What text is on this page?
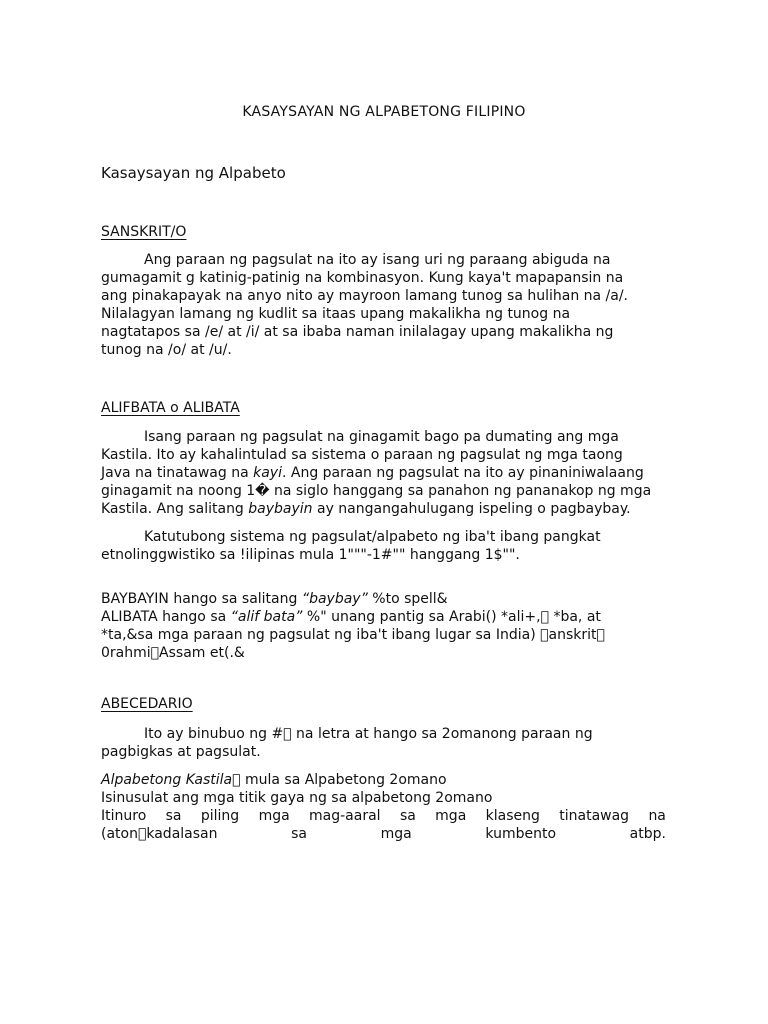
KASAYSAYAN NG ALPABETONG FILIPINO
Kasaysayan ng Alpabeto
SANSKRIT/O
Ang paraan ng pagsulat na ito ay isang uri ng paraang abiguda na
gumagamit g katinig-patinig na kombinasyon. Kung kaya't mapapansin na
ang pinakapayak na anyo nito ay mayroon lamang tunog sa hulihan na /a/.
Nilalagyan lamang ng kudlit sa itaas upang makalikha ng tunog na
nagtatapos sa /e/ at /i/ at sa ibaba naman inilalagay upang makalikha ng
tunog na /o/ at /u/.
ALIFBATA o ALIBATA
Isang paraan ng pagsulat na ginagamit bago pa dumating ang mga
Kastila. Ito ay kahalintulad sa sistema o paraan ng pagsulat ng mga taong
Java na tinatawag na kayi. Ang paraan ng pagsulat na ito ay pinaniniwalaang
ginagamit na noong 1� na siglo hanggang sa panahon ng pananakop ng mga
Kastila. Ang salitang baybayin ay nangangahulugang ispeling o pagbaybay.
Katutubong sistema ng pagsulat/alpabeto ng iba't ibang pangkat
etnolinggwistiko sa !ilipinas mula 1"""-1#"" hanggang 1$"".
BAYBAYIN hango sa salitang “baybay” %to spell&
ALIBATA hango sa “alif bata” %" unang pantig sa Arabi() *ali+,  *ba, at
*ta,&sa mga paraan ng pagsulat ng iba't ibang lugar sa India)  anskrit 
0rahmi Assam et(.&
ABECEDARIO
Ito ay binubuo ng #  na letra at hango sa 2omanong paraan ng
pagbigkas at pagsulat.
Alpabetong Kastila  mula sa Alpabetong 2omano
Isinusulat ang mga titik gaya ng sa alpabetong 2omano
Itinuro sa piling mga mag-aaral sa mga klaseng tinatawag na
(aton kadalasan	sa	mga	kumbento	atbp.
